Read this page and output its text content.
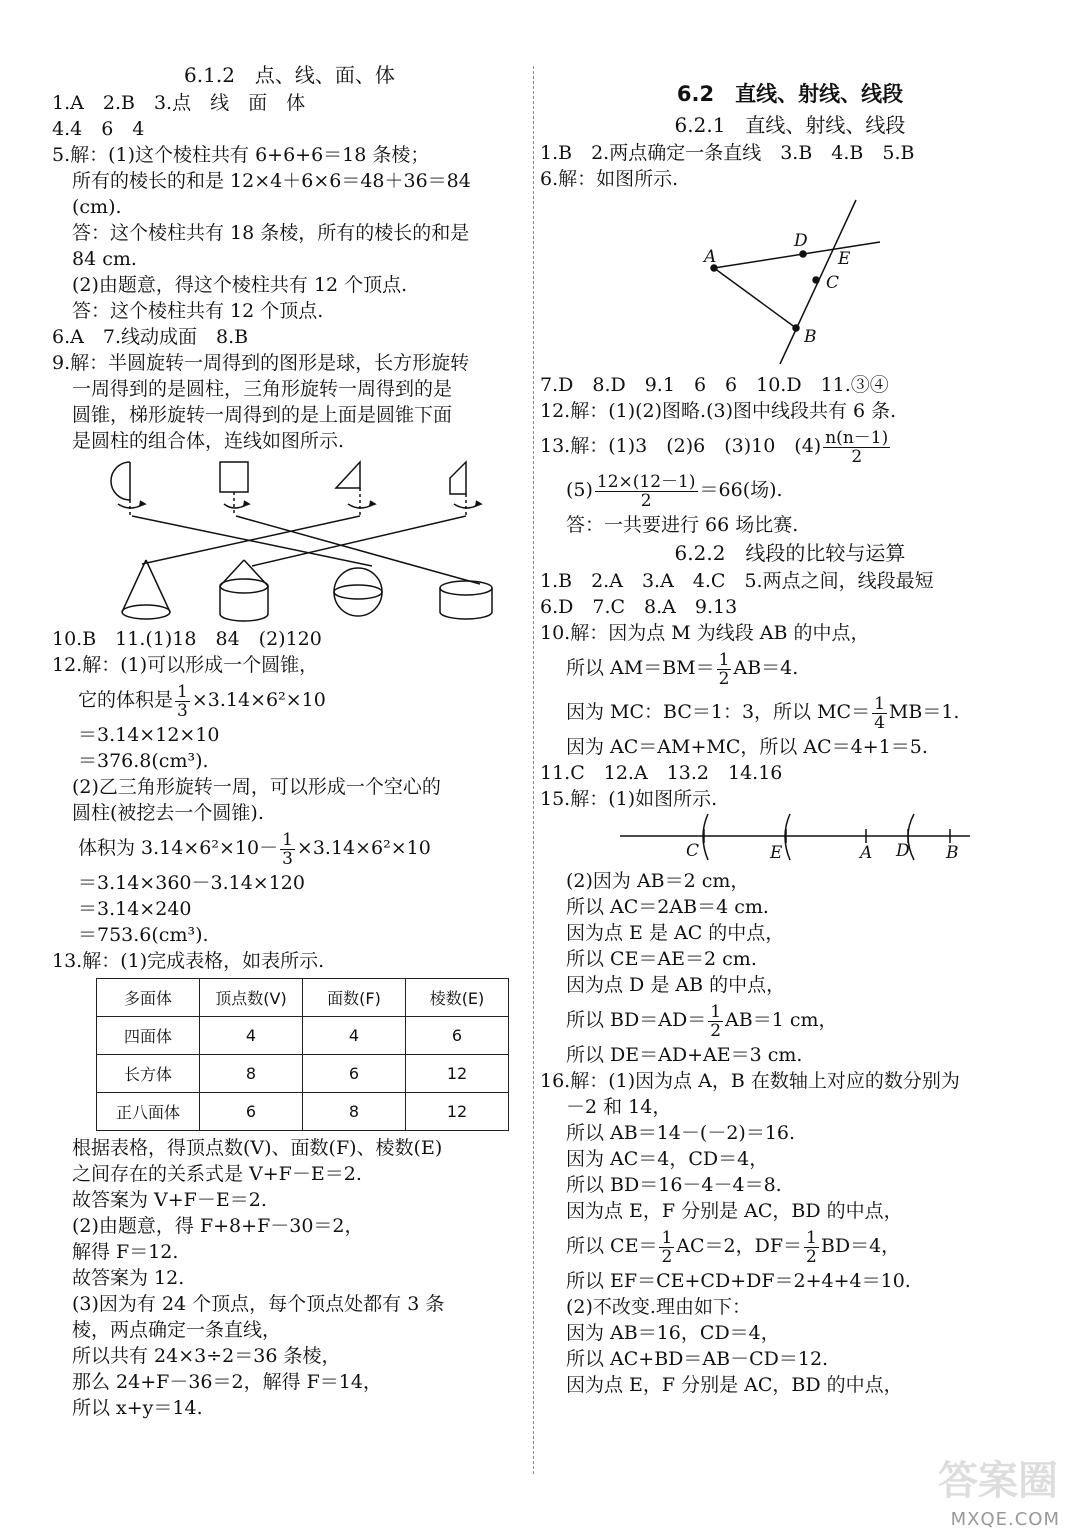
6.1.2　点、线、面、体
1.A　2.B　3.点　线　面　体
4.4　6　4
5.解：(1)这个棱柱共有 6+6+6＝18 条棱；
所有的棱长的和是 12×4＋6×6＝48＋36＝84
(cm).
答：这个棱柱共有 18 条棱，所有的棱长的和是
84 cm.
(2)由题意，得这个棱柱共有 12 个顶点.
答：这个棱柱共有 12 个顶点.
6.A　7.线动成面　8.B
9.解：半圆旋转一周得到的图形是球，长方形旋转
一周得到的是圆柱，三角形旋转一周得到的是
圆锥，梯形旋转一周得到的是上面是圆锥下面
是圆柱的组合体，连线如图所示.
10.B　11.(1)18　84　(2)120
12.解：(1)可以形成一个圆锥，
它的体积是 $\frac{1}{3} \times 3.14\times 6^2\times 10$
＝3.14×12×10
＝376.8(cm³).
(2)乙三角形旋转一周，可以形成一个空心的
圆柱(被挖去一个圆锥).
体积为 $3.14\times 6^2\times 10- \frac{1}{3} \times 3.14\times 6^2\times 10$
＝3.14×360－3.14×120
＝3.14×240
＝753.6(cm³).
13.解：(1)完成表格，如表所示.
多面体	顶点数(V)	面数(F)	棱数(E)
四面体	4	4	6
长方体	8	6	12
正八面体	6	8	12
根据表格，得顶点数(V)、面数(F)、棱数(E)
之间存在的关系式是 V+F－E＝2.
故答案为 V+F－E＝2.
(2)由题意，得 F+8+F－30＝2，
解得 F＝12.
故答案为 12.
(3)因为有 24 个顶点，每个顶点处都有 3 条
棱，两点确定一条直线，
所以共有 24×3÷2＝36 条棱，
那么 24+F－36＝2，解得 F＝14，
所以 x+y＝14.
6.2　直线、射线、线段
6.2.1　直线、射线、线段
1.B　2.两点确定一条直线　3.B　4.B　5.B
6.解：如图所示.
A
D
E
C
B
7.D　8.D　9.1　6　6　10.D　11.③④
12.解：(1)(2)图略.(3)图中线段共有 6 条.
13.解：(1)3　(2)6　(3)10　$(4) \frac{n(n-1)}{2}$
$(5) \frac{12\times(12-1)}{2} =66$(场).
答：一共要进行 66 场比赛.
6.2.2　线段的比较与运算
1.B　2.A　3.A　4.C　5.两点之间，线段最短
6.D　7.C　8.A　9.13
10.解：因为点 M 为线段 AB 的中点，
所以 $AM=BM= \frac{1}{2} AB=4$.
因为 MC：BC＝1：3，所以 $MC= \frac{1}{4} MB=1$.
因为 AC＝AM+MC，所以 AC＝4+1＝5.
11.C　12.A　13.2　14.16
15.解：(1)如图所示.
C	E	A D B
(2)因为 AB＝2 cm，
所以 AC＝2AB＝4 cm.
因为点 E 是 AC 的中点，
所以 CE＝AE＝2 cm.
因为点 D 是 AB 的中点，
所以 $BD=AD= \frac{1}{2} AB=1$ cm，
所以 DE＝AD+AE＝3 cm.
16.解：(1)因为点 A，B 在数轴上对应的数分别为
－2 和 14，
所以 AB＝14－(－2)＝16.
因为 AC＝4，CD＝4，
所以 BD＝16－4－4＝8.
因为点 E，F 分别是 AC，BD 的中点，
所以 $CE= \frac{1}{2} AC=2$，$DF= \frac{1}{2} BD=4$，
所以 EF＝CE+CD+DF＝2+4+4＝10.
(2)不改变.理由如下：
因为 AB＝16，CD＝4，
所以 AC+BD＝AB－CD＝12.
因为点 E，F 分别是 AC，BD 的中点，
答案圈
MXQE.COM
